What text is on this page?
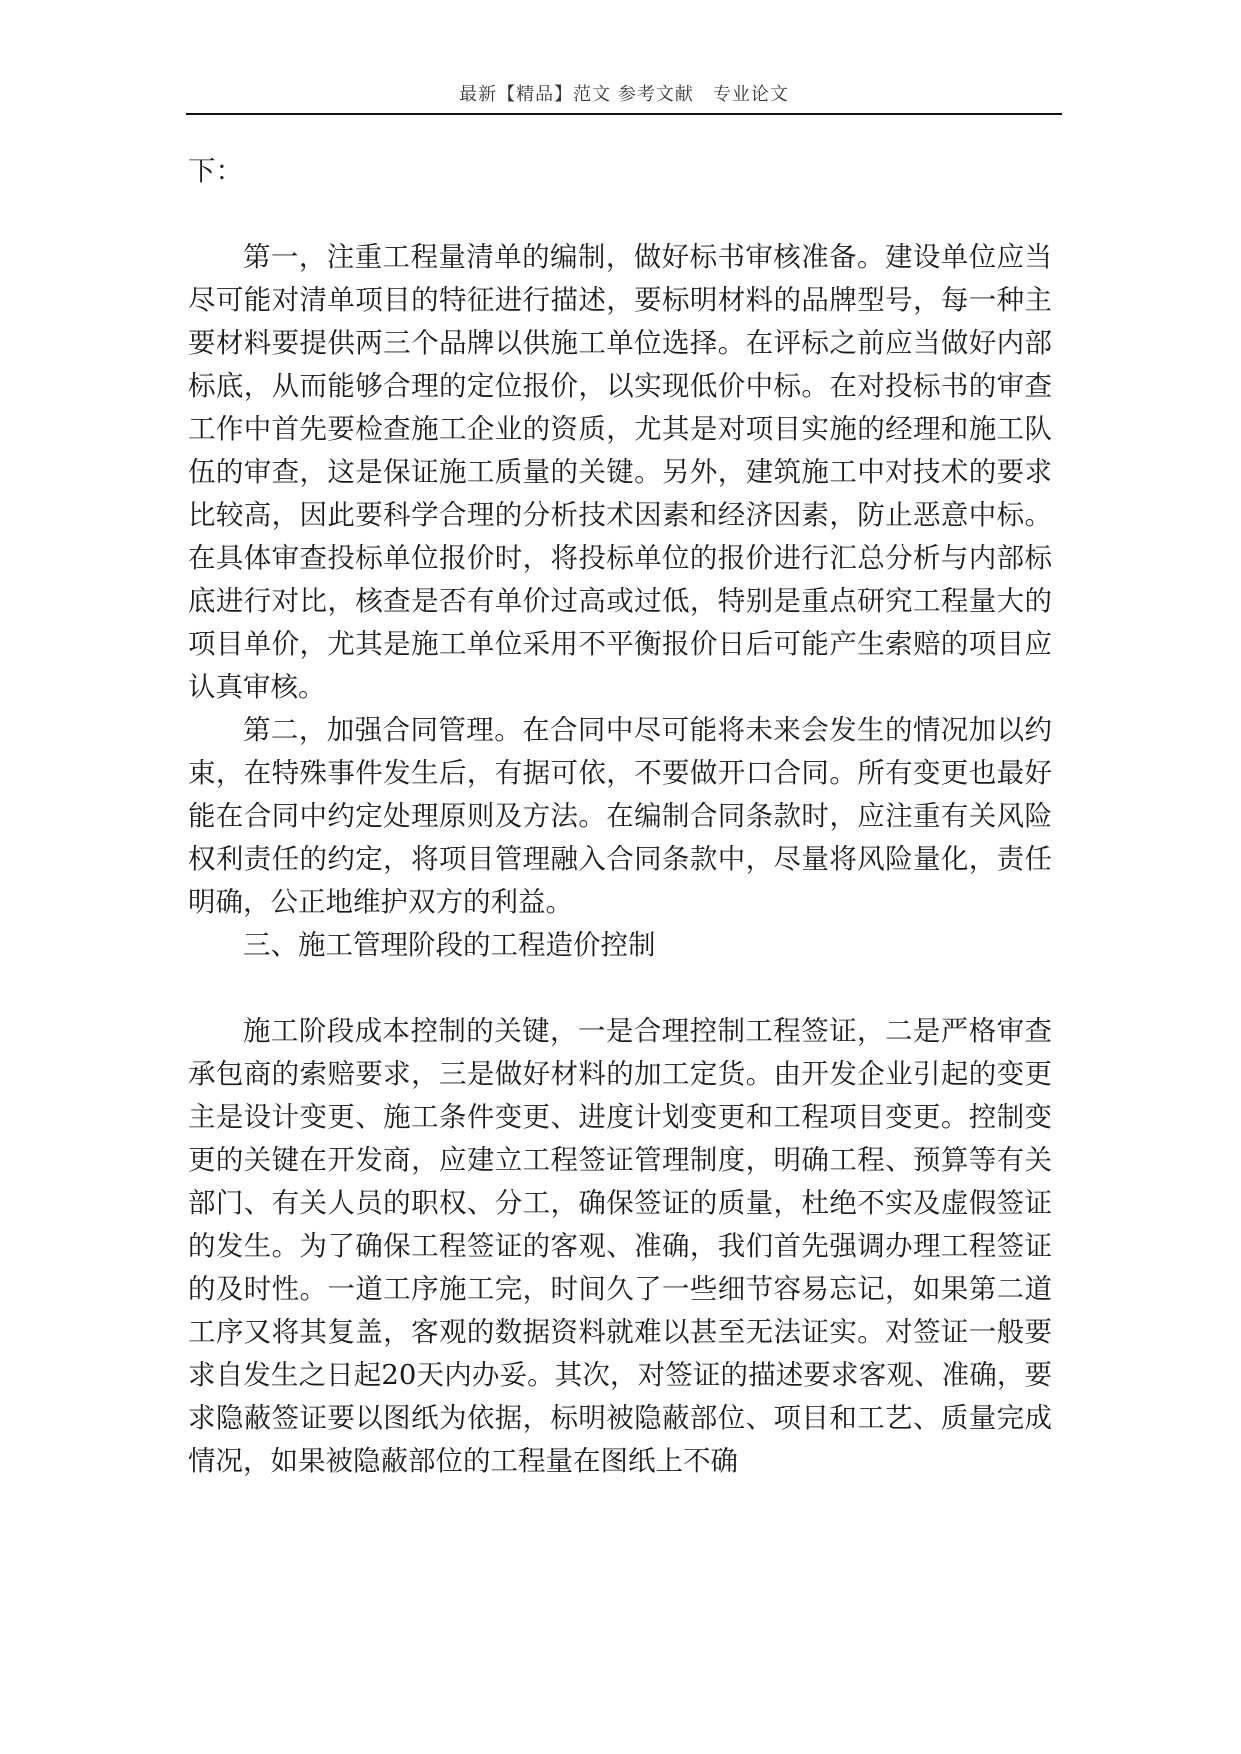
最新【精品】范文 参考文献　专业论文

下：

第一，注重工程量清单的编制，做好标书审核准备。建设单位应当尽可能对清单项目的特征进行描述，要标明材料的品牌型号，每一种主要材料要提供两三个品牌以供施工单位选择。在评标之前应当做好内部标底，从而能够合理的定位报价，以实现低价中标。在对投标书的审查工作中首先要检查施工企业的资质，尤其是对项目实施的经理和施工队伍的审查，这是保证施工质量的关键。另外，建筑施工中对技术的要求比较高，因此要科学合理的分析技术因素和经济因素，防止恶意中标。在具体审查投标单位报价时，将投标单位的报价进行汇总分析与内部标底进行对比，核查是否有单价过高或过低，特别是重点研究工程量大的项目单价，尤其是施工单位采用不平衡报价日后可能产生索赔的项目应认真审核。

第二，加强合同管理。在合同中尽可能将未来会发生的情况加以约束，在特殊事件发生后，有据可依，不要做开口合同。所有变更也最好能在合同中约定处理原则及方法。在编制合同条款时，应注重有关风险权利责任的约定，将项目管理融入合同条款中，尽量将风险量化，责任明确，公正地维护双方的利益。

三、施工管理阶段的工程造价控制

施工阶段成本控制的关键，一是合理控制工程签证，二是严格审查承包商的索赔要求，三是做好材料的加工定货。由开发企业引起的变更主是设计变更、施工条件变更、进度计划变更和工程项目变更。控制变更的关键在开发商，应建立工程签证管理制度，明确工程、预算等有关部门、有关人员的职权、分工，确保签证的质量，杜绝不实及虚假签证的发生。为了确保工程签证的客观、准确，我们首先强调办理工程签证的及时性。一道工序施工完，时间久了一些细节容易忘记，如果第二道工序又将其复盖，客观的数据资料就难以甚至无法证实。对签证一般要求自发生之日起20天内办妥。其次，对签证的描述要求客观、准确，要求隐蔽签证要以图纸为依据，标明被隐蔽部位、项目和工艺、质量完成情况，如果被隐蔽部位的工程量在图纸上不确
